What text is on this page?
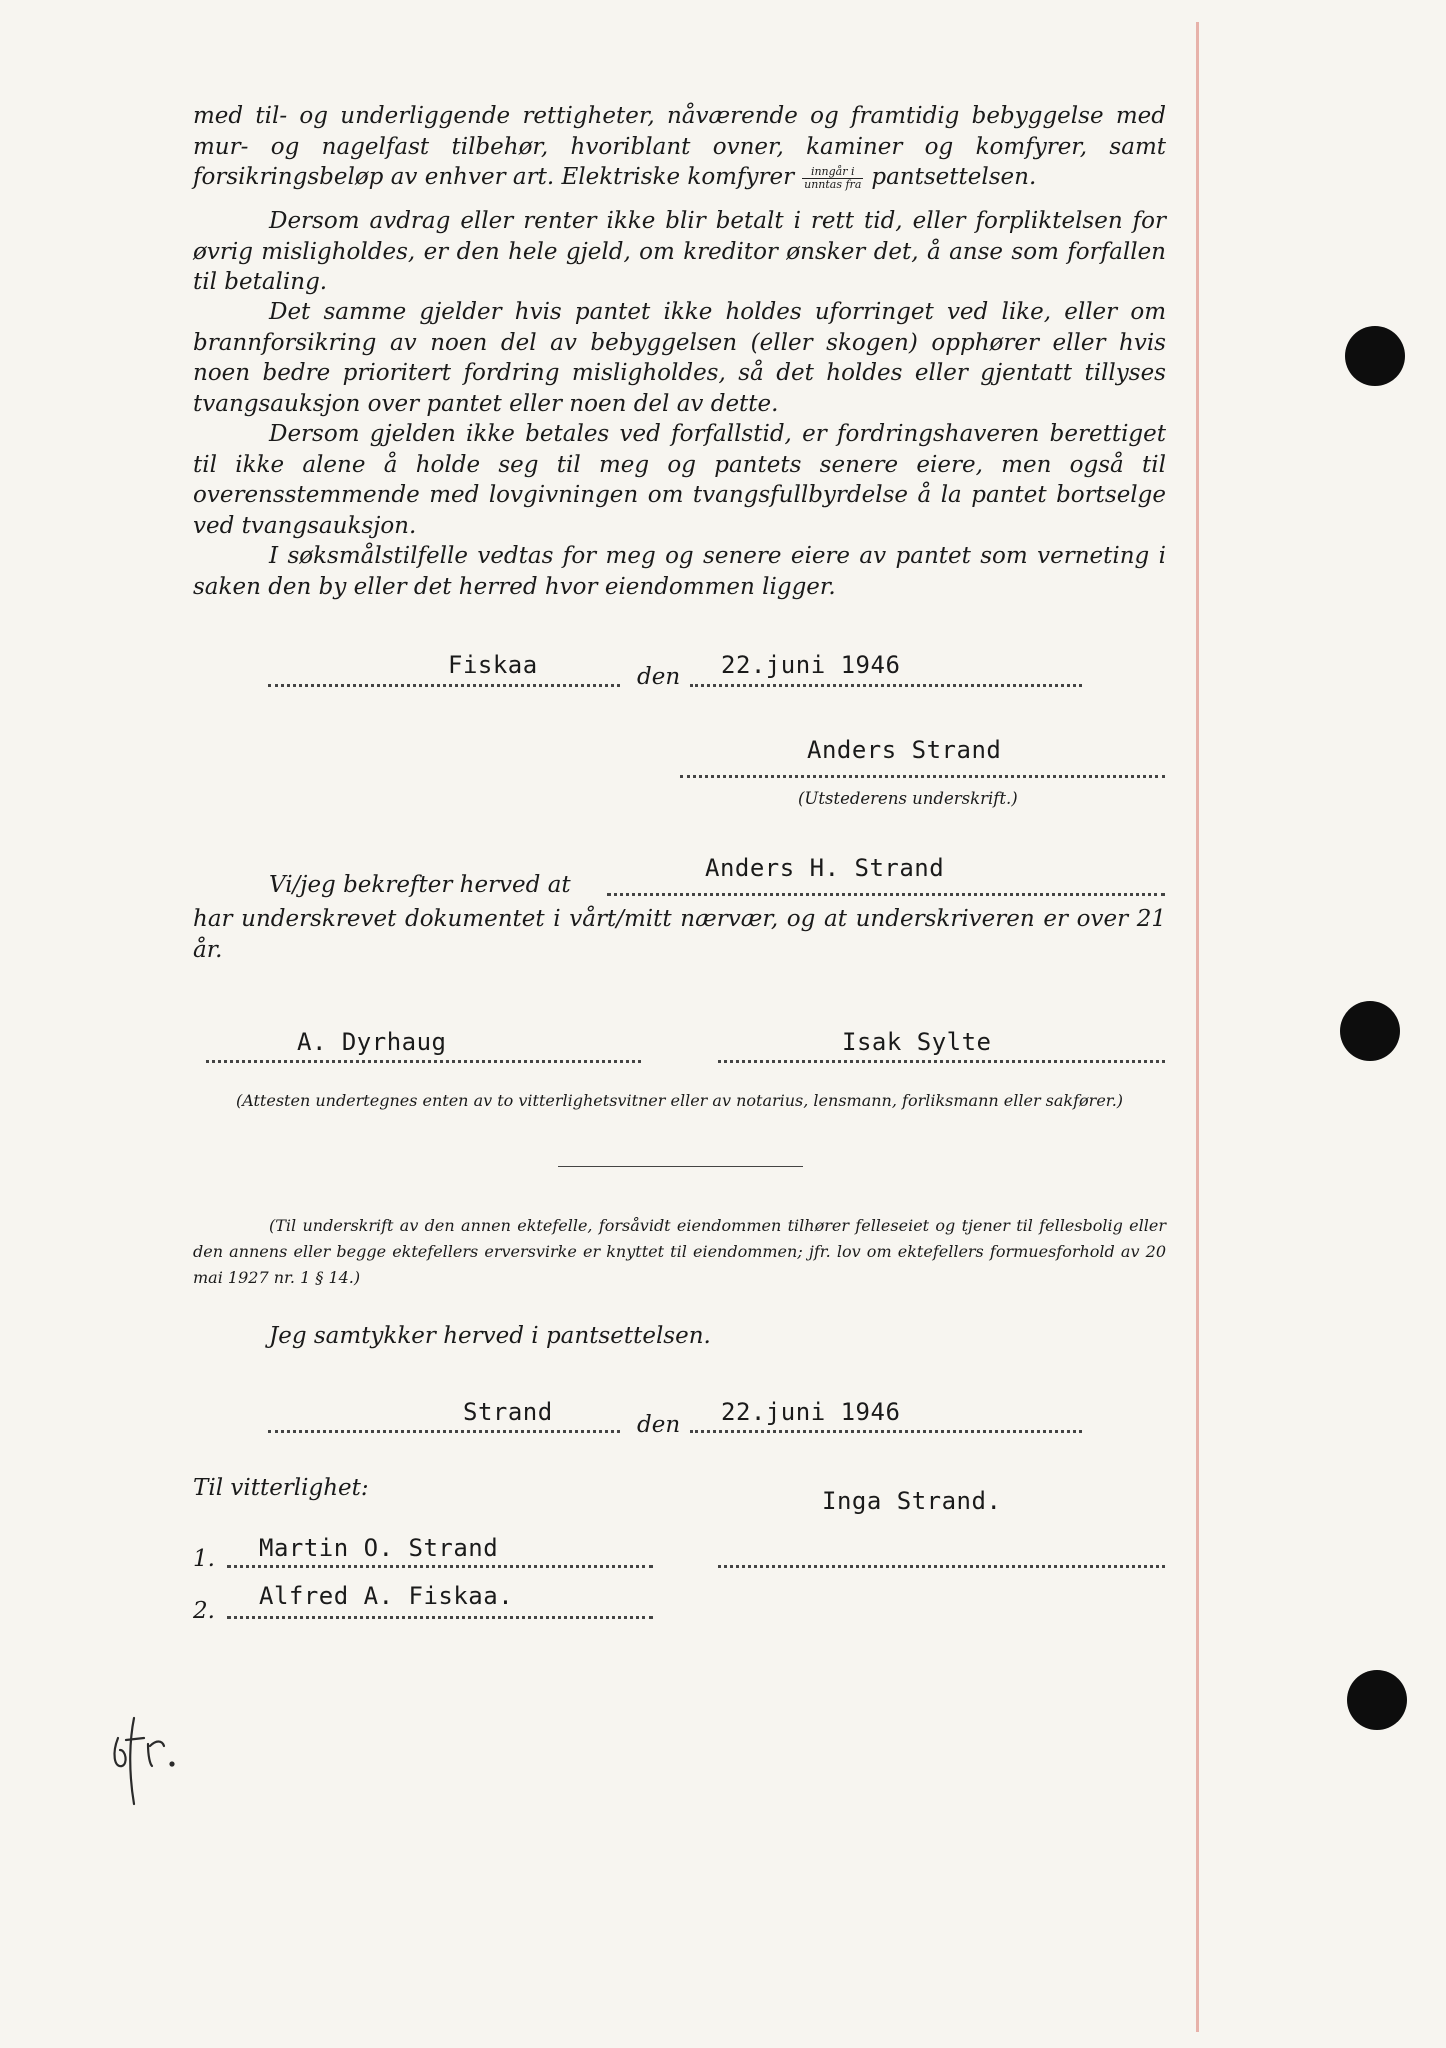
med til- og underliggende rettigheter, nåværende og framtidig bebyggelse med mur- og nagelfast tilbehør, hvoriblant ovner, kaminer og komfyrer, samt forsikringsbeløp av enhver art. Elektriske komfyrer $\frac{\text{inngår i}}{\text{unntas fra}}$ pantsettelsen.

Dersom avdrag eller renter ikke blir betalt i rett tid, eller forpliktelsen for øvrig misligholdes, er den hele gjeld, om kreditor ønsker det, å anse som forfallen til betaling.

Det samme gjelder hvis pantet ikke holdes uforringet ved like, eller om brannforsikring av noen del av bebyggelsen (eller skogen) opphører eller hvis noen bedre prioritert fordring misligholdes, så det holdes eller gjentatt tillyses tvangsauksjon over pantet eller noen del av dette.

Dersom gjelden ikke betales ved forfallstid, er fordringshaveren berettiget til ikke alene å holde seg til meg og pantets senere eiere, men også til overensstemmende med lovgivningen om tvangsfullbyrdelse å la pantet bortselge ved tvangsauksjon.

I søksmålstilfelle vedtas for meg og senere eiere av pantet som verneting i saken den by eller det herred hvor eiendommen ligger.

Fiskaa	den 22.juni 1946
Anders Strand
(Utstederens underskrift.)
Anders H. Strand
Vi/jeg bekrefter herved at

har underskrevet dokumentet i vårt/mitt nærvær, og at underskriveren er over 21 år.

A. Dyrhaug	Isak Sylte

(Attesten undertegnes enten av to vitterlighetsvitner eller av notarius, lensmann, forliksmann eller sakfører.)

(Til underskrift av den annen ektefelle, forsåvidt eiendommen tilhører felleseiet og tjener til fellesbolig eller den annens eller begge ektefellers erversvirke er knyttet til eiendommen; jfr. lov om ektefellers formuesforhold av 20 mai 1927 nr. 1 § 14.)

Jeg samtykker herved i pantsettelsen.
Strand	den 22.juni 1946
Til vitterlighet:	Inga Strand.
1. Martin O. Strand
2.
Alfred A. Fiskaa.
